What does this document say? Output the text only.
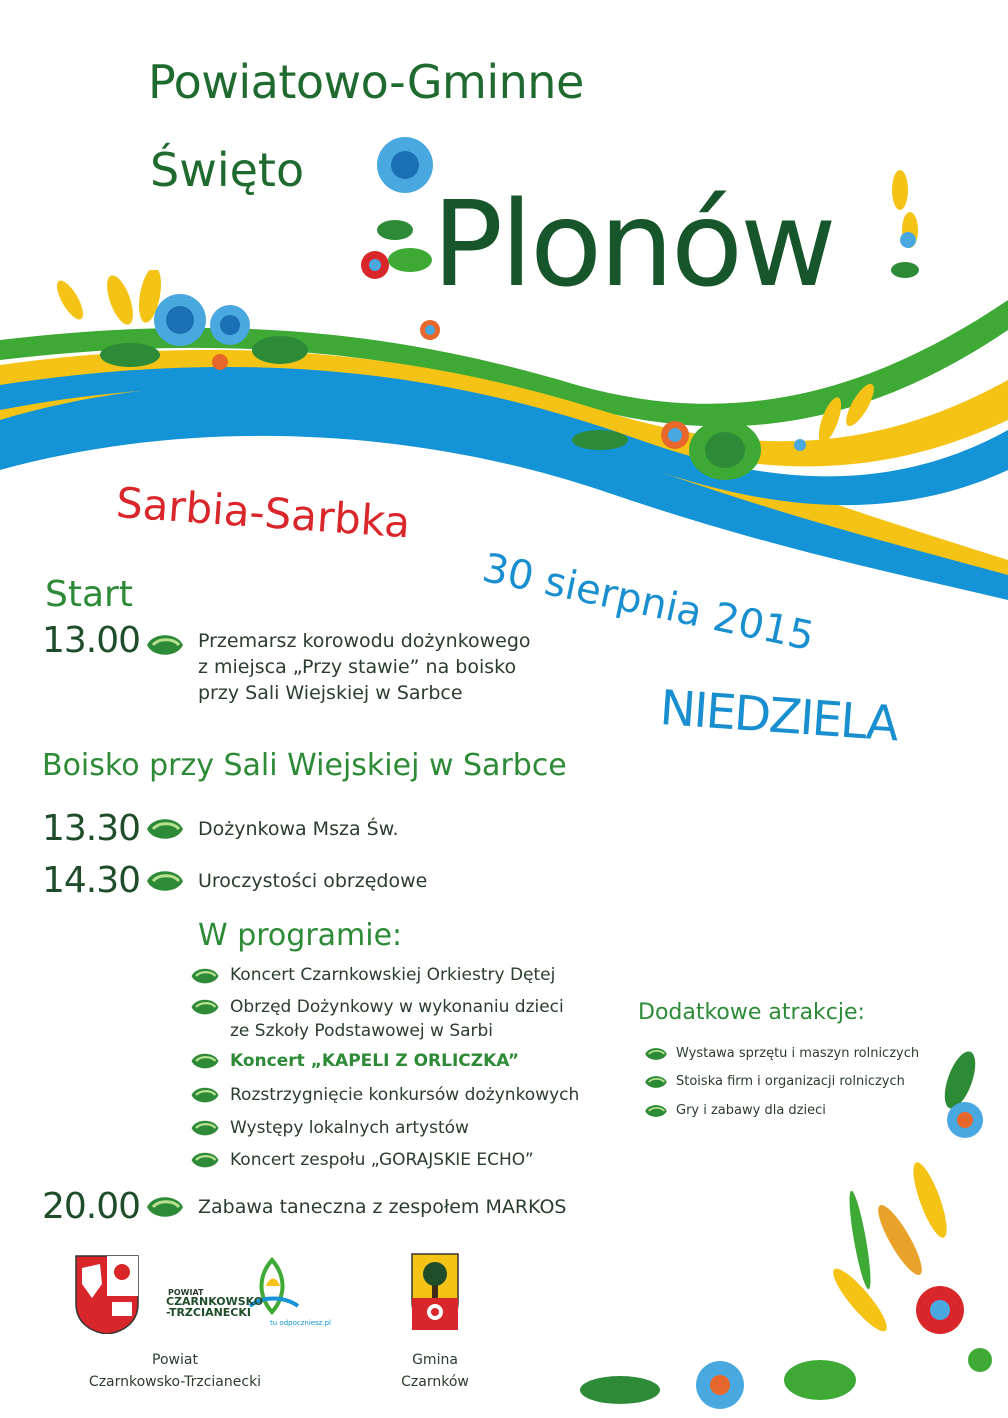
Powiatowo-Gminne
Święto
Plonów
Sarbia-Sarbka
30 sierpnia 2015
NIEDZIELA
Start
13.00	Przemarsz korowodu dożynkowego
z miejsca „Przy stawie” na boisko
przy Sali Wiejskiej w Sarbce
Boisko przy Sali Wiejskiej w Sarbce
13.30	Dożynkowa Msza Św.
14.30	Uroczystości obrzędowe
W programie:
Koncert Czarnkowskiej Orkiestry Dętej
Obrzęd Dożynkowy w wykonaniu dzieci
ze Szkoły Podstawowej w Sarbi
Koncert „KAPELI Z ORLICZKA”
Rozstrzygnięcie konkursów dożynkowych
Występy lokalnych artystów
Koncert zespołu „GORAJSKIE ECHO”
20.00	Zabawa taneczna z zespołem MARKOS
Dodatkowe atrakcje:
Wystawa sprzętu i maszyn rolniczych
Stoiska firm i organizacji rolniczych
Gry i zabawy dla dzieci
POWIAT
CZARNKOWSKO
-TRZCIANECKI
tu odpoczniesz.pl
Powiat
Czarnkowsko-Trzcianecki
Gmina
Czarnków
